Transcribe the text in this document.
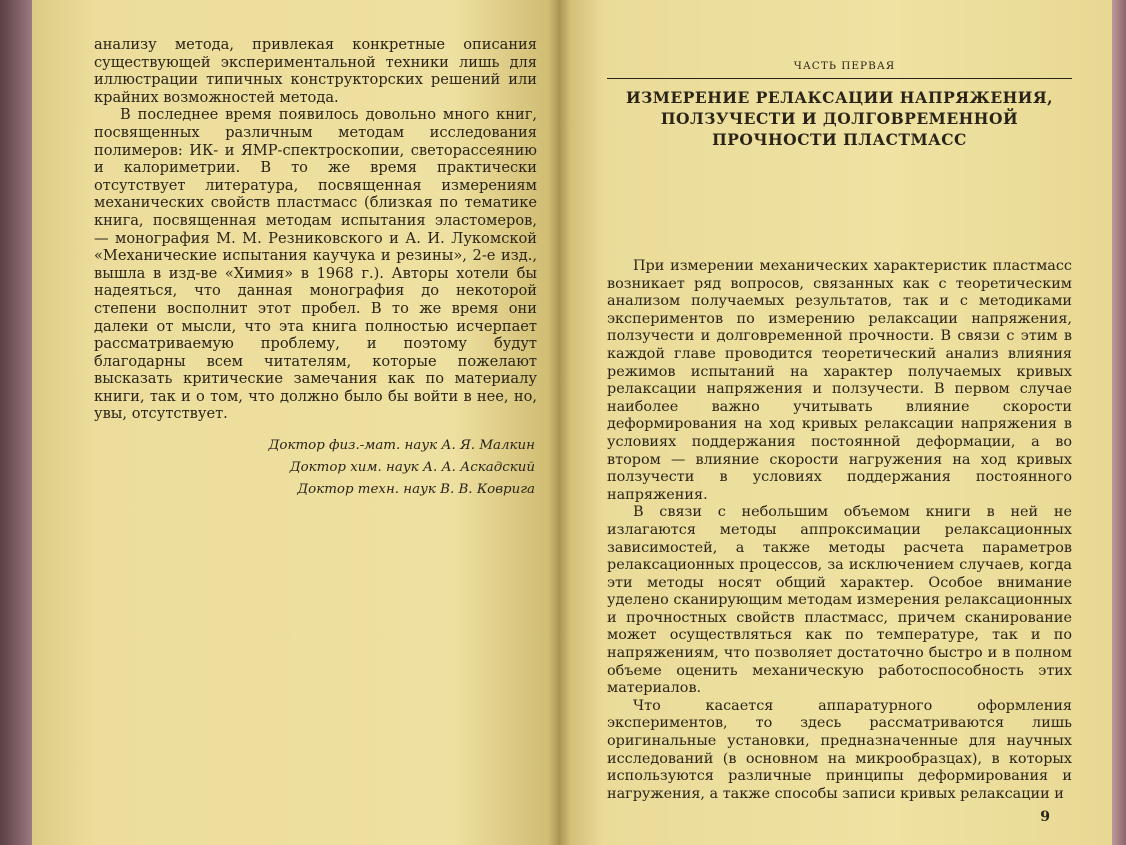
анализу метода, привлекая конкретные описания существующей экспериментальной техники лишь для иллюстрации типичных конструкторских решений или крайних возможностей метода.

В последнее время появилось довольно много книг, посвященных различным методам исследования полимеров: ИК- и ЯМР-спектроскопии, светорассеянию и калориметрии. В то же время практически отсутствует литература, посвященная измерениям механических свойств пластмасс (близкая по тематике книга, посвященная методам испытания эластомеров, — монография М. М. Резниковского и А. И. Лукомской «Механические испытания каучука и резины», 2-е изд., вышла в изд-ве «Химия» в 1968 г.). Авторы хотели бы надеяться, что данная монография до некоторой степени восполнит этот пробел. В то же время они далеки от мысли, что эта книга полностью исчерпает рассматриваемую проблему, и поэтому будут благодарны всем читателям, которые пожелают высказать критические замечания как по материалу книги, так и о том, что должно было бы войти в нее, но, увы, отсутствует.

Доктор физ.-мат. наук А. Я. Малкин
Доктор хим. наук А. А. Аскадский
Доктор техн. наук В. В. Коврига
ЧАСТЬ ПЕРВАЯ
ИЗМЕРЕНИЕ РЕЛАКСАЦИИ НАПРЯЖЕНИЯ,
ПОЛЗУЧЕСТИ И ДОЛГОВРЕМЕННОЙ
ПРОЧНОСТИ ПЛАСТМАСС

При измерении механических характеристик пластмасс возникает ряд вопросов, связанных как с теоретическим анализом получаемых результатов, так и с методиками экспериментов по измерению релаксации напряжения, ползучести и долговременной прочности. В связи с этим в каждой главе проводится теоретический анализ влияния режимов испытаний на характер получаемых кривых релаксации напряжения и ползучести. В первом случае наиболее важно учитывать влияние скорости деформирования на ход кривых релаксации напряжения в условиях поддержания постоянной деформации, а во втором — влияние скорости нагружения на ход кривых ползучести в условиях поддержания постоянного напряжения.

В связи с небольшим объемом книги в ней не излагаются методы аппроксимации релаксационных зависимостей, а также методы расчета параметров релаксационных процессов, за исключением случаев, когда эти методы носят общий характер. Особое внимание уделено сканирующим методам измерения релаксационных и прочностных свойств пластмасс, причем сканирование может осуществляться как по температуре, так и по напряжениям, что позволяет достаточно быстро и в полном объеме оценить механическую работоспособность этих материалов.

Что касается аппаратурного оформления экспериментов, то здесь рассматриваются лишь оригинальные установки, предназначенные для научных исследований (в основном на микрообразцах), в которых используются различные принципы деформирования и нагружения, а также способы записи кривых релаксации и

9
